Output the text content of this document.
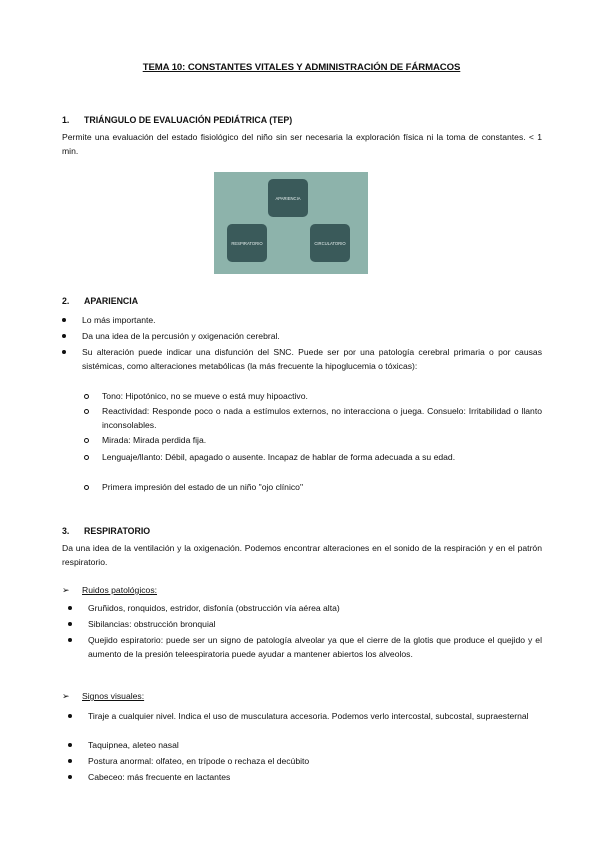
TEMA 10: CONSTANTES VITALES Y ADMINISTRACIÓN DE FÁRMACOS
1. TRIÁNGULO DE EVALUACIÓN PEDIÁTRICA (TEP)
Permite una evaluación del estado fisiológico del niño sin ser necesaria la exploración física ni la toma de constantes. < 1 min.
APARIENCIA
RESPIRATORIO	CIRCULATORIO
2. APARIENCIA
Lo más importante.
Da una idea de la percusión y oxigenación cerebral.
Su alteración puede indicar una disfunción del SNC. Puede ser por una patología cerebral primaria o por causas sistémicas, como alteraciones metabólicas (la más frecuente la hipoglucemia o tóxicas):
Tono: Hipotónico, no se mueve o está muy hipoactivo.
Reactividad: Responde poco o nada a estímulos externos, no interacciona o juega. Consuelo: Irritabilidad o llanto inconsolables.
Mirada: Mirada perdida fija.
Lenguaje/llanto: Débil, apagado o ausente. Incapaz de hablar de forma adecuada a su edad.
Primera impresión del estado de un niño "ojo clínico"
3. RESPIRATORIO
Da una idea de la ventilación y la oxigenación. Podemos encontrar alteraciones en el sonido de la respiración y en el patrón respiratorio.
➢ Ruidos patológicos:
Gruñidos, ronquidos, estridor, disfonía (obstrucción vía aérea alta)
Sibilancias: obstrucción bronquial
Quejido espiratorio: puede ser un signo de patología alveolar ya que el cierre de la glotis que produce el quejido y el aumento de la presión teleespiratoria puede ayudar a mantener abiertos los alveolos.
➢ Signos visuales:
Tiraje a cualquier nivel. Indica el uso de musculatura accesoria. Podemos verlo intercostal, subcostal, supraesternal
Taquipnea, aleteo nasal
Postura anormal: olfateo, en trípode o rechaza el decúbito
Cabeceo: más frecuente en lactantes
